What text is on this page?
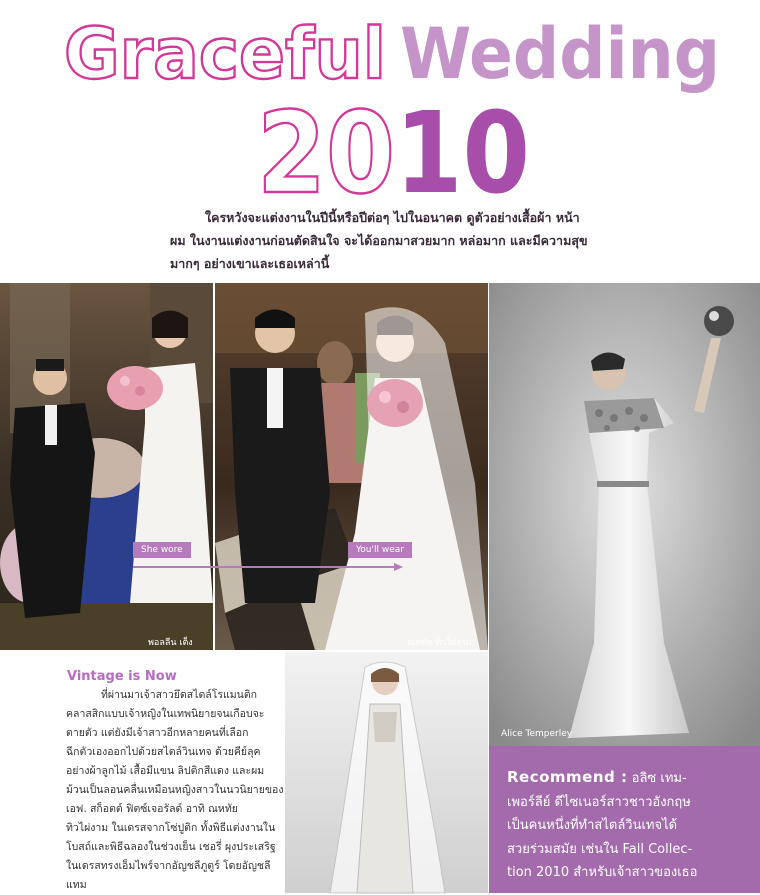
Graceful Wedding
20 10
ใครหวังจะแต่งงานในปีนี้หรือปีต่อๆ ไปในอนาคต ดูตัวอย่างเสื้อผ้า หน้า
ผม ในงานแต่งงานก่อนตัดสินใจ จะได้ออกมาสวยมาก หล่อมาก และมีความสุข
มากๆ อย่างเขาและเธอเหล่านี้
พอลลีน เต็ง	ณหทัย ทิวไผ่งาม
She wore	You'll wear
Alice Temperley
Vintage is Now
ที่ผ่านมาเจ้าสาวยึดสไตล์โรแมนติก
คลาสสิกแบบเจ้าหญิงในเทพนิยายจนเกือบจะ
ตายตัว แต่ยังมีเจ้าสาวอีกหลายคนที่เลือก
ฉีกตัวเองออกไปด้วยสไตล์วินเทจ ด้วยคีย์ลุค
อย่างผ้าลูกไม้ เสื้อมีแขน ลิปติกสีแดง และผม
ม้วนเป็นลอนคลื่นเหมือนหญิงสาวในนวนิยายของ
เอฟ. สก็อตต์ ฟิตซ์เจอรัลด์ อาทิ ณหทัย
ทิวไผ่งาม ในเดรสจากโซ่ปูติก ทั้งพิธีแต่งงานใน
โบสถ์และพิธีฉลองในช่วงเย็น เชอรี่ ผุงประเสริฐ
ในเดรสทรงเอ็มไพร์จากอัญชลีภูตูร์ โดยอัญชลี
แทม
Recommend : อลิซ เทม-
เพอร์ลีย์ ดีไซเนอร์สาวชาวอังกฤษ
เป็นคนหนึ่งที่ทำสไตล์วินเทจได้
สวยร่วมสมัย เช่นใน Fall Collec-
tion 2010 สำหรับเจ้าสาวของเธอ
